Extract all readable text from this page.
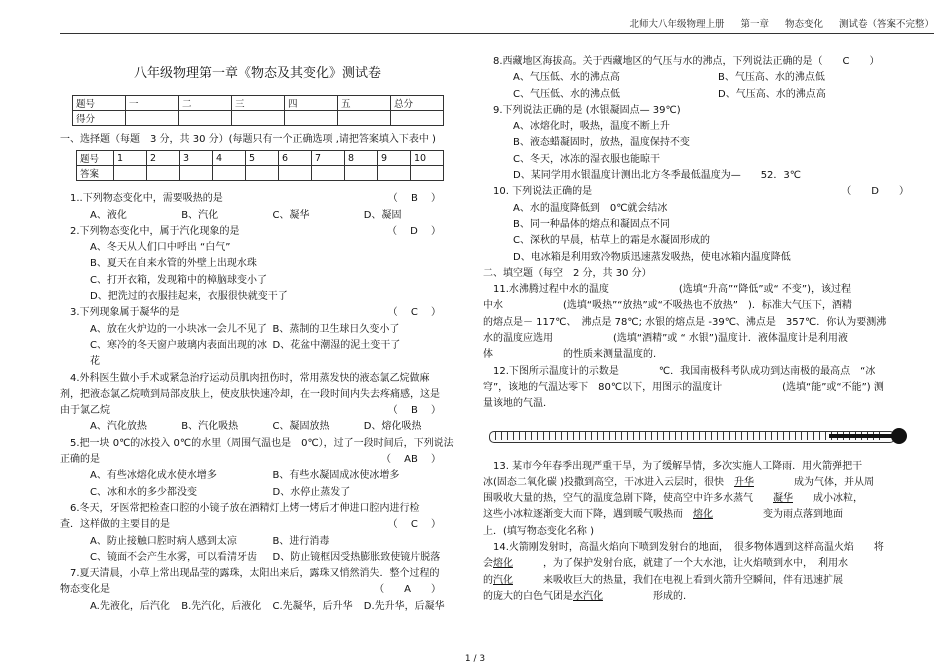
北师大八年级物理上册 第一章 物态变化 测试卷（答案不完整）
八年级物理第一章《物态及其变化》测试卷
题号	一	二	三	四	五	总分
得分						
一、选择题（每题　3 分，共 30 分）(每题只有一个正确选项 ,请把答案填入下表中 )
题号	1	2	3	4	5	6	7	8	9	10
答案										
1..下列物态变化中，需要吸热的是	（　 B　 ）
A、液化	B、汽化	C、凝华	D、凝固
2.下列物态变化中，属于汽化现象的是	（　 D　 ）
A、冬天从人们口中呼出 “白气”
B、夏天在自来水管的外壁上出现水珠
C、打开衣箱，发现箱中的樟脑球变小了
D、把洗过的衣服挂起来，衣服很快就变干了
3.下列现象属于凝华的是	（　 C　 ）
A、放在火炉边的一小块冰一会儿不见了 B、蒸制的卫生球日久变小了
C、寒冷的冬天窗户玻璃内表面出现的冰花
D、花盆中潮湿的泥土变干了
4.外科医生做小手术或紧急治疗运动员肌肉扭伤时，常用蒸发快的液态氯乙烷做麻
剂，把液态氯乙烷喷到局部皮肤上，使皮肤快速冷却，在一段时间内失去疼痛感，这是
由于氯乙烷	（　 B　 ）
A、汽化放热	B、汽化吸热	C、凝固放热	D、熔化吸热
5.把一块 0℃的冰投入 0℃的水里（周围气温也是　0℃），过了一段时间后，下列说法
正确的是	（　 AB　 ）
A、有些冰熔化成水使水增多	B、有些水凝固成冰使冰增多
C、冰和水的多少都没变	D、水停止蒸发了
6.冬天，牙医常把检查口腔的小镜子放在酒精灯上烤一烤后才伸进口腔内进行检
查．这样做的主要目的是	（　 C　 ）
A、防止接触口腔时病人感到太凉	B、进行消毒
C、镜面不会产生水雾，可以看清牙齿	D、防止镜框因受热膨胀致使镜片脱落
7.夏天清晨，小草上常出现晶莹的露珠，太阳出来后，露珠又悄然消失．整个过程的
物态变化是	（　　A　　）
A.先液化，后汽化	B.先汽化，后液化	C.先凝华，后升华	D.先升华，后凝华
8.西藏地区海拔高。关于西藏地区的气压与水的沸点，下列说法正确的是（　　C　　）
A、气压低、水的沸点高	B、气压高、水的沸点低
C、气压低、水的沸点低	D、气压高、水的沸点高
9.下列说法正确的是 (水银凝固点— 39℃)
A、冰熔化时，吸热，温度不断上升
B、液态蜡凝固时，放热，温度保持不变
C、冬天，冰冻的湿衣服也能晾干
D、某同学用水银温度计测出北方冬季最低温度为—　　52．3℃
10. 下列说法正确的是	（　　D　　）
A、水的温度降低到　0℃就会结冰
B、同一种晶体的熔点和凝固点不同
C、深秋的早晨，枯草上的霜是水凝固形成的
D、电冰箱是利用致冷物质迅速蒸发吸热，使电冰箱内温度降低
二、填空题（每空　2 分，共 30 分）
11.水沸腾过程中水的温度　　　　　　　(选填“升高”“降低”或“ 不变”)，该过程
中水　　　　　　(选填“吸热”“放热”或“不吸热也不放热”　)．标准大气压下，酒精
的熔点是－ 117℃、　沸点是 78℃; 水银的熔点是 -39℃、沸点是　357℃．你认为要测沸
水的温度应选用　　　　　　(选填“酒精”或 “ 水银”)温度计．液体温度计是利用液
体　　　　　　　的性质来测量温度的.
12.下图所示温度计的示数是　　　　℃．我国南极科考队成功到达南极的最高点　“冰
穹”，该地的气温达零下　80℃以下，用图示的温度计　　　　　　(选填“能”或“不能”) 测
量该地的气温．
13. 某市今年春季出现严重干旱，为了缓解旱情，多次实施人工降雨．用火箭弹把干
冰(固态二氧化碳 )投撒到高空，干冰进入云层时，很快　升华　　　　成为气体，并从周
围吸收大量的热，空气的温度急剧下降，使高空中许多水蒸气　　凝华　　成小冰粒，
这些小冰粒逐渐变大而下降，遇到暖气吸热而　熔化　　　　　变为雨点落到地面
上．(填写物态变化名称 )
14.火箭刚发射时，高温火焰向下喷到发射台的地面，　很多物体遇到这样高温火焰　　将
会熔化　　　，为了保护发射台底，就建了一个大水池，让火焰喷到水中，　利用水
的汽化　　　来吸收巨大的热量，我们在电视上看到火箭升空瞬间，伴有迅速扩展
的庞大的白色气团是水汽化　　　　　形成的.
1 / 3
